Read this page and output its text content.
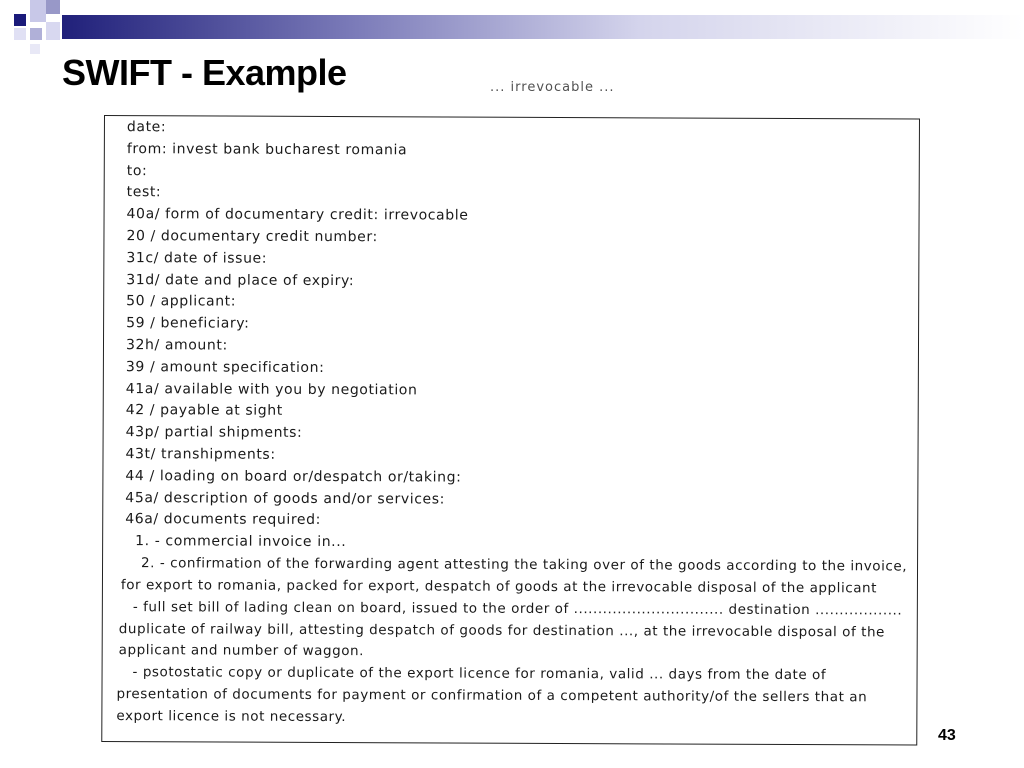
SWIFT - Example	... irrevocable ...
date:
from: invest bank bucharest romania
to:
test:
40a/ form of documentary credit: irrevocable
20 / documentary credit number:
31c/ date of issue:
31d/ date and place of expiry:
50 / applicant:
59 / beneficiary:
32h/ amount:
39 / amount specification:
41a/ available with you by negotiation
42 / payable at sight
43p/ partial shipments:
43t/ transhipments:
44 / loading on board or/despatch or/taking:
45a/ description of goods and/or services:
46a/ documents required:
1. - commercial invoice in...
2. - confirmation of the forwarding agent attesting the taking over of the goods according to the invoice,
for export to romania, packed for export, despatch of goods at the irrevocable disposal of the applicant
- full set bill of lading clean on board, issued to the order of ............................... destination ..................
duplicate of railway bill, attesting despatch of goods for destination ..., at the irrevocable disposal of the
applicant and number of waggon.
- psotostatic copy or duplicate of the export licence for romania, valid ... days from the date of
presentation of documents for payment or confirmation of a competent authority/of the sellers that an
export licence is not necessary.
43
